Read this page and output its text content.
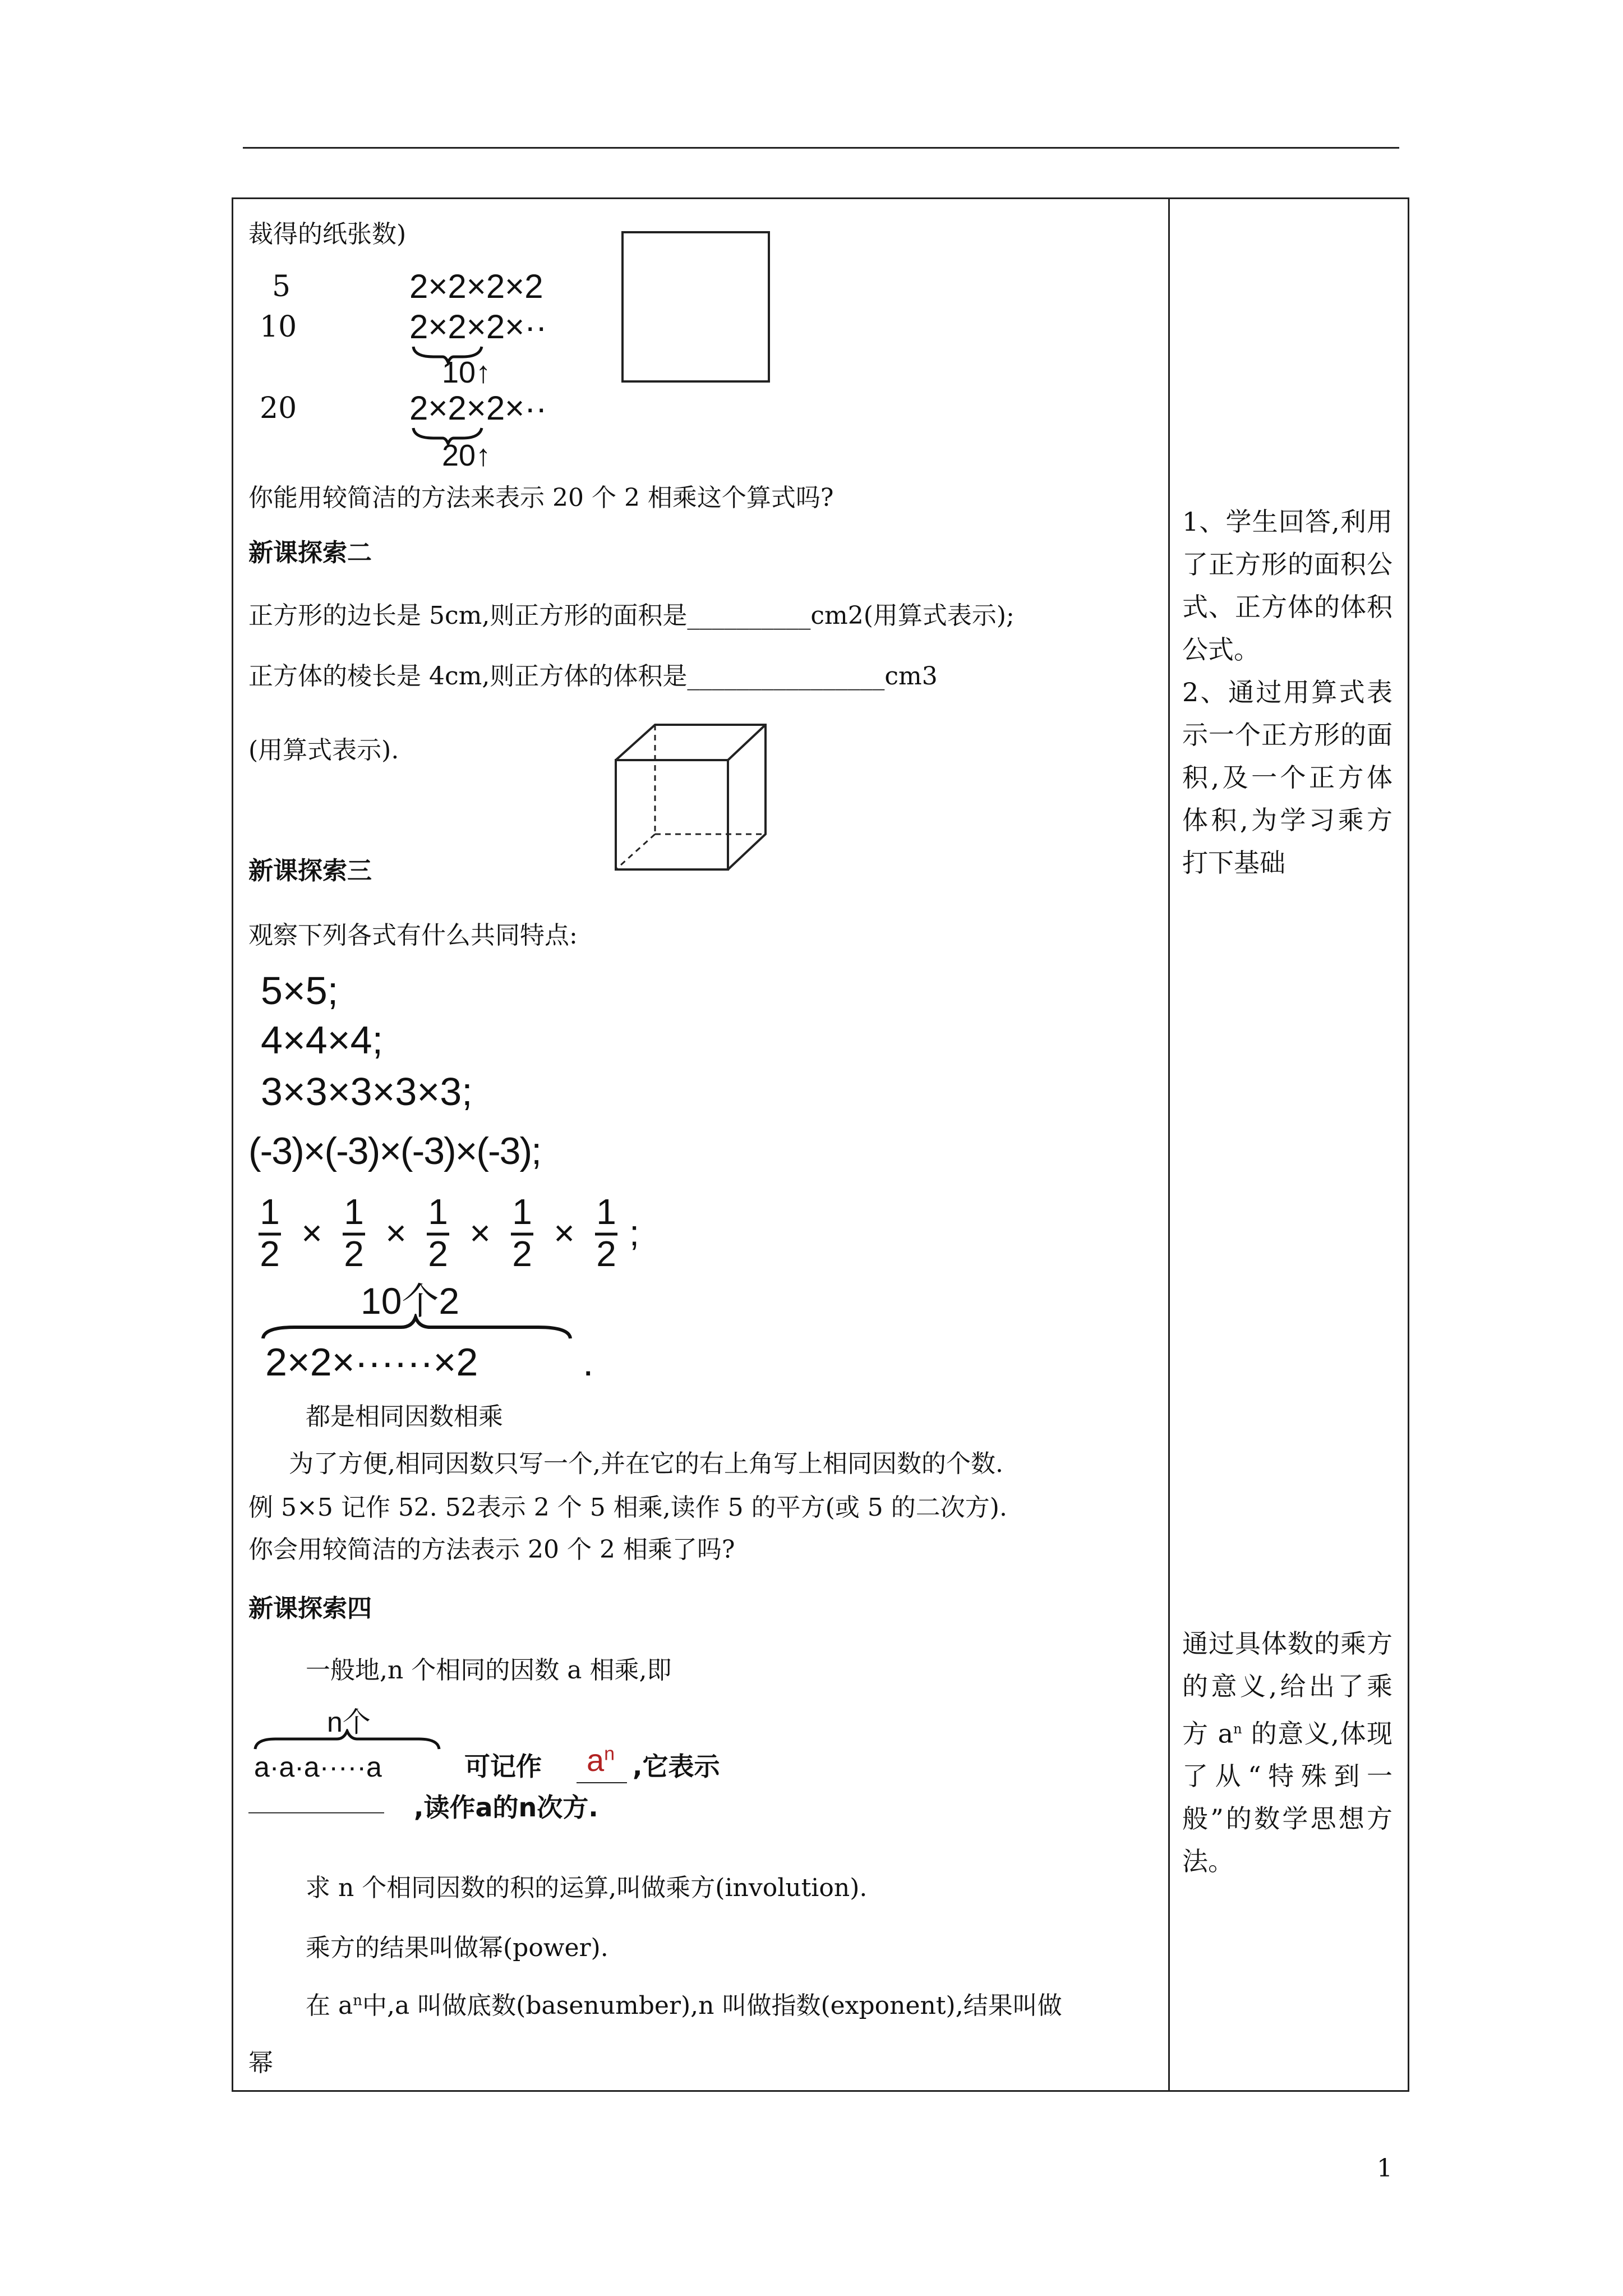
裁得的纸张数)
5	2×2×2×2
10	2×2×2×··
10↑
20	2×2×2×··
20↑
你能用较简洁的方法来表示 20 个 2 相乘这个算式吗?
新课探索二
正方形的边长是 5cm,则正方形的面积是__________cm2(用算式表示);
正方体的棱长是 4cm,则正方体的体积是________________cm3
(用算式表示).
新课探索三
观察下列各式有什么共同特点:
5×5;
4×4×4;
3×3×3×3×3;
(-3)×(-3)×(-3)×(-3);
1
2
×
1
2
×
1
2
×
1
2
×
1
2
;
10个2
2×2×······×2	.
都是相同因数相乘
为了方便,相同因数只写一个,并在它的右上角写上相同因数的个数.
例 5×5 记作 52. 52表示 2 个 5 相乘,读作 5 的平方(或 5 的二次方).
你会用较简洁的方法表示 20 个 2 相乘了吗?
新课探索四
一般地,n 个相同的因数 a 相乘,即
n个
a·a·a·····a	可记作 $a^n$ ,它表示
___________ ,读作a的n次方.
求 n 个相同因数的积的运算,叫做乘方(involution).
乘方的结果叫做幂(power).
在 $a^n$中,a 叫做底数(basenumber),n 叫做指数(exponent),结果叫做
幂
1、学生回答,利用了正方形的面积公式、正方体的体积公式。
2、通过用算式表示一个正方形的面积,及一个正方体体积,为学习乘方打下基础
通过具体数的乘方的意义,给出了乘方 $a^n$ 的意义,体现了从“特殊到一般”的数学思想方法。
1
